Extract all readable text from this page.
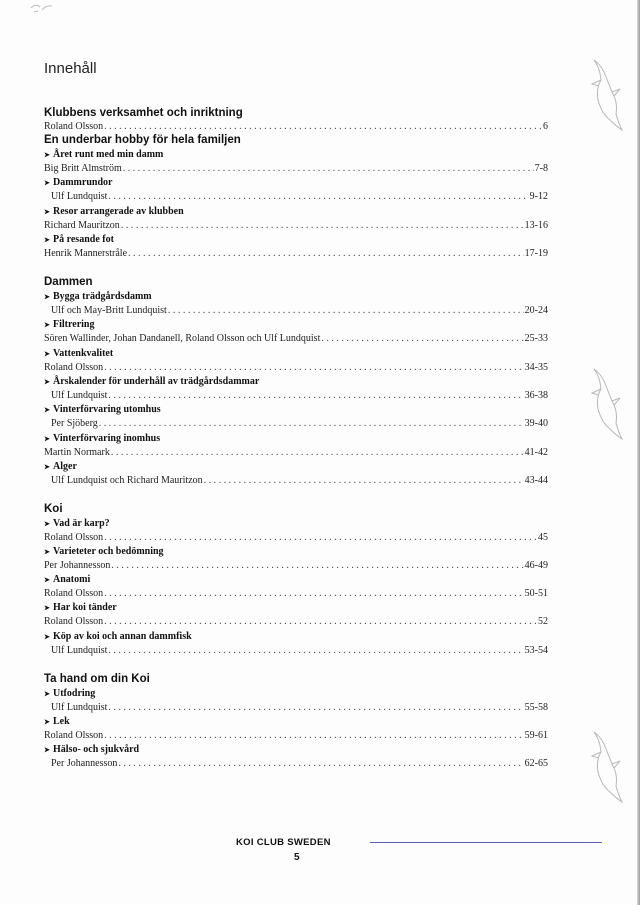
Innehåll
Klubbens verksamhet och inriktning
Roland Olsson . . .	6
En underbar hobby för hela familjen
➤ Året runt med min damm
Big Britt Almström . . .	7-8
➤ Dammrundor
Ulf Lundquist . . .	9-12
➤ Resor arrangerade av klubben
Richard Mauritzon . . .	13-16
➤ På resande fot
Henrik Mannerstråle . . .	17-19
Dammen
➤ Bygga trädgårdsdamm
Ulf och May-Britt Lundquist . . .	20-24
➤ Filtrering
Sören Wallinder, Johan Dandanell, Roland Olsson och Ulf Lundquist . . .	25-33
➤ Vattenkvalitet
Roland Olsson . . .	34-35
➤ Årskalender för underhåll av trädgårdsdammar
Ulf Lundquist . . .	36-38
➤ Vinterförvaring utomhus
Per Sjöberg . . .	39-40
➤ Vinterförvaring inomhus
Martin Normark . . .	41-42
➤ Alger
Ulf Lundquist och Richard Mauritzon . . .	43-44
Koi
➤ Vad är karp?
Roland Olsson . . .	45
➤ Varieteter och bedömning
Per Johannesson . . .	46-49
➤ Anatomi
Roland Olsson . . .	50-51
➤ Har koi tänder
Roland Olsson . . .	52
➤ Köp av koi och annan dammfisk
Ulf Lundquist . . .	53-54
Ta hand om din Koi
➤ Utfodring
Ulf Lundquist . . .	55-58
➤ Lek
Roland Olsson . . .	59-61
➤ Hälso- och sjukvård
Per Johannesson . . .	62-65
KOI CLUB SWEDEN
5
